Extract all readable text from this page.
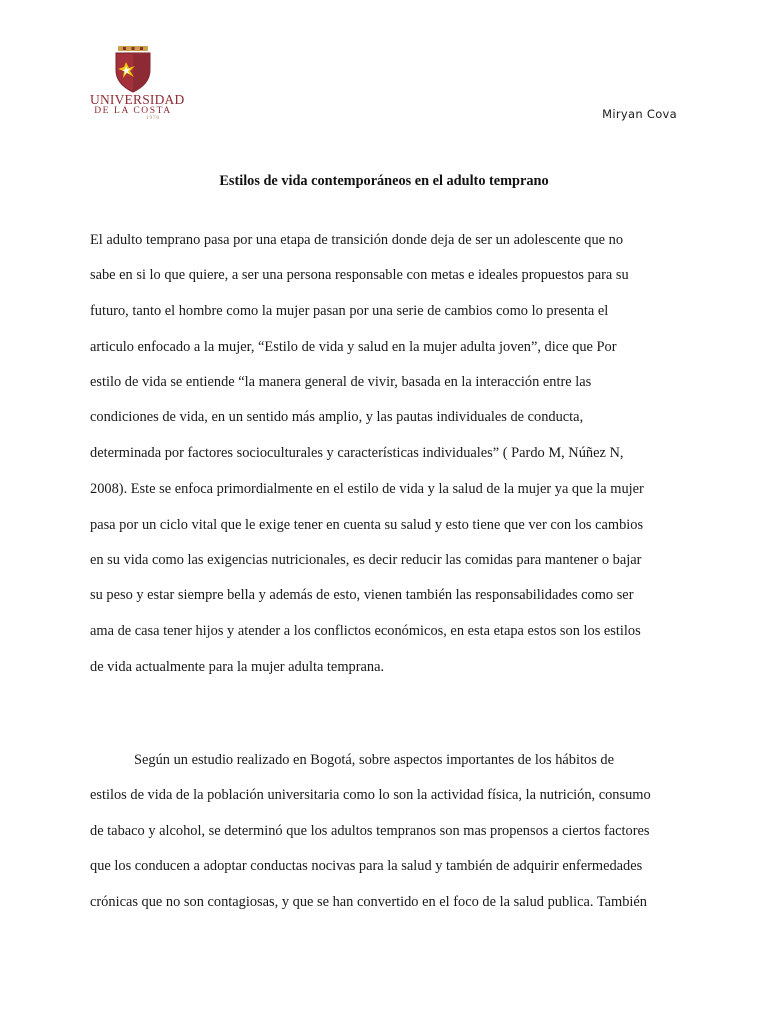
UNIVERSIDAD
DE LA COSTA
1970	Miryan Cova
Estilos de vida contemporáneos en el adulto temprano
El adulto temprano pasa por una etapa de transición donde deja de ser un adolescente que no
sabe en si lo que quiere, a ser una persona responsable con metas e ideales propuestos para su
futuro, tanto el hombre como la mujer pasan por una serie de cambios como lo presenta el
articulo enfocado a la mujer, “Estilo de vida y salud en la mujer adulta joven”, dice que Por
estilo de vida se entiende “la manera general de vivir, basada en la interacción entre las
condiciones de vida, en un sentido más amplio, y las pautas individuales de conducta,
determinada por factores socioculturales y características individuales” ( Pardo M, Núñez N,
2008). Este se enfoca primordialmente en el estilo de vida y la salud de la mujer ya que la mujer
pasa por un ciclo vital que le exige tener en cuenta su salud y esto tiene que ver con los cambios
en su vida como las exigencias nutricionales, es decir reducir las comidas para mantener o bajar
su peso y estar siempre bella y además de esto, vienen también las responsabilidades como ser
ama de casa tener hijos y atender a los conflictos económicos, en esta etapa estos son los estilos
de vida actualmente para la mujer adulta temprana.
Según un estudio realizado en Bogotá, sobre aspectos importantes de los hábitos de
estilos de vida de la población universitaria como lo son la actividad física, la nutrición, consumo
de tabaco y alcohol, se determinó que los adultos tempranos son mas propensos a ciertos factores
que los conducen a adoptar conductas nocivas para la salud y también de adquirir enfermedades
crónicas que no son contagiosas, y que se han convertido en el foco de la salud publica. También
